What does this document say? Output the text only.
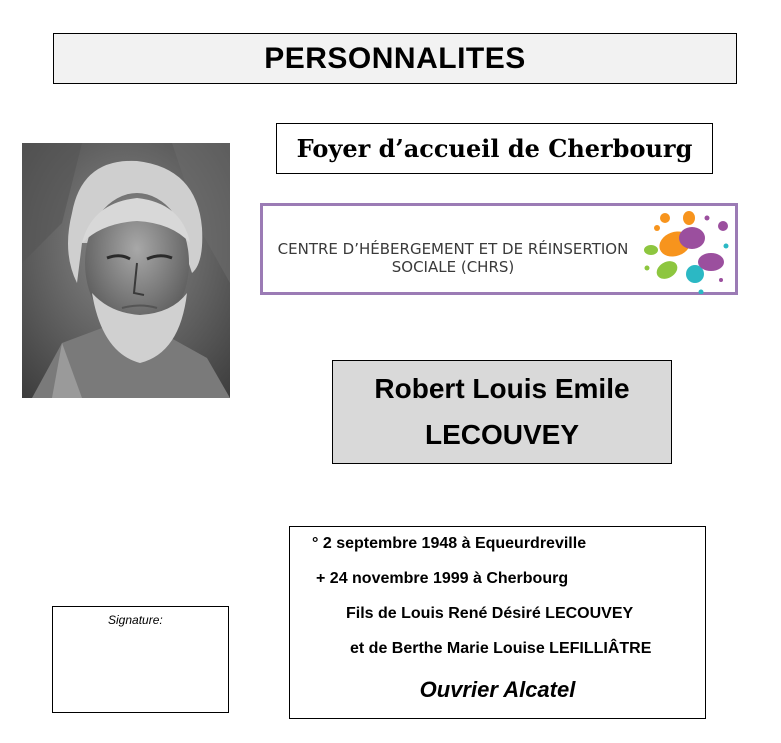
PERSONNALITES
Foyer d’accueil de Cherbourg
CENTRE D’HÉBERGEMENT ET DE RÉINSERTION
SOCIALE (CHRS)
Robert Louis Emile
LECOUVEY
Signature:
° 2 septembre 1948 à Equeurdreville
+ 24 novembre 1999 à Cherbourg
Fils de Louis René Désiré LECOUVEY
et de Berthe Marie Louise LEFILLIÂTRE
Ouvrier Alcatel
